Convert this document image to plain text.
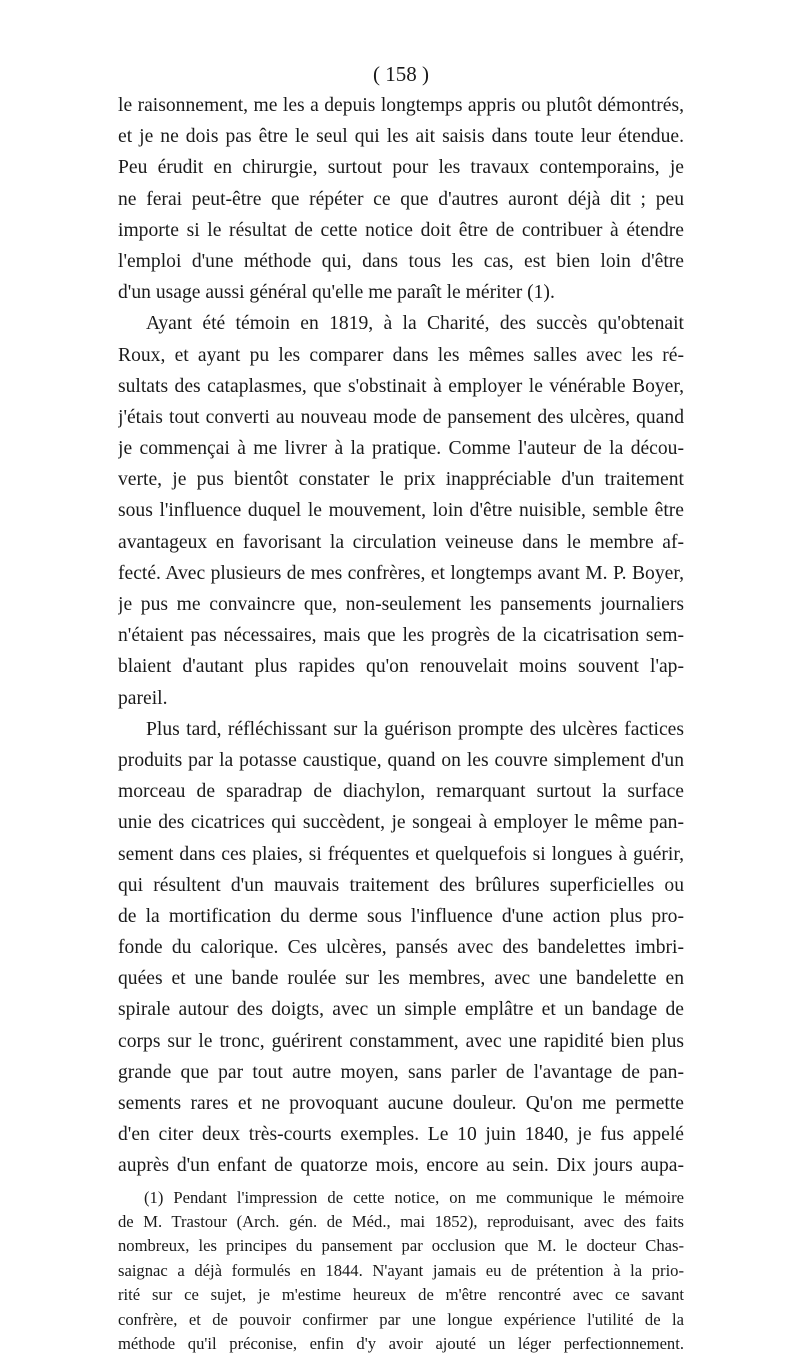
( 158 )
le raisonnement, me les a depuis longtemps appris ou plutôt démontrés,
et je ne dois pas être le seul qui les ait saisis dans toute leur étendue.
Peu érudit en chirurgie, surtout pour les travaux contemporains, je
ne ferai peut-être que répéter ce que d'autres auront déjà dit ; peu
importe si le résultat de cette notice doit être de contribuer à étendre
l'emploi d'une méthode qui, dans tous les cas, est bien loin d'être
d'un usage aussi général qu'elle me paraît le mériter (1).
Ayant été témoin en 1819, à la Charité, des succès qu'obtenait
Roux, et ayant pu les comparer dans les mêmes salles avec les ré-
sultats des cataplasmes, que s'obstinait à employer le vénérable Boyer,
j'étais tout converti au nouveau mode de pansement des ulcères, quand
je commençai à me livrer à la pratique. Comme l'auteur de la décou-
verte, je pus bientôt constater le prix inappréciable d'un traitement
sous l'influence duquel le mouvement, loin d'être nuisible, semble être
avantageux en favorisant la circulation veineuse dans le membre af-
fecté. Avec plusieurs de mes confrères, et longtemps avant M. P. Boyer,
je pus me convaincre que, non-seulement les pansements journaliers
n'étaient pas nécessaires, mais que les progrès de la cicatrisation sem-
blaient d'autant plus rapides qu'on renouvelait moins souvent l'ap-
pareil.
Plus tard, réfléchissant sur la guérison prompte des ulcères factices
produits par la potasse caustique, quand on les couvre simplement d'un
morceau de sparadrap de diachylon, remarquant surtout la surface
unie des cicatrices qui succèdent, je songeai à employer le même pan-
sement dans ces plaies, si fréquentes et quelquefois si longues à guérir,
qui résultent d'un mauvais traitement des brûlures superficielles ou
de la mortification du derme sous l'influence d'une action plus pro-
fonde du calorique. Ces ulcères, pansés avec des bandelettes imbri-
quées et une bande roulée sur les membres, avec une bandelette en
spirale autour des doigts, avec un simple emplâtre et un bandage de
corps sur le tronc, guérirent constamment, avec une rapidité bien plus
grande que par tout autre moyen, sans parler de l'avantage de pan-
sements rares et ne provoquant aucune douleur. Qu'on me permette
d'en citer deux très-courts exemples. Le 10 juin 1840, je fus appelé
auprès d'un enfant de quatorze mois, encore au sein. Dix jours aupa-
(1) Pendant l'impression de cette notice, on me communique le mémoire
de M. Trastour (Arch. gén. de Méd., mai 1852), reproduisant, avec des faits
nombreux, les principes du pansement par occlusion que M. le docteur Chas-
saignac a déjà formulés en 1844. N'ayant jamais eu de prétention à la prio-
rité sur ce sujet, je m'estime heureux de m'être rencontré avec ce savant
confrère, et de pouvoir confirmer par une longue expérience l'utilité de la
méthode qu'il préconise, enfin d'y avoir ajouté un léger perfectionnement.
